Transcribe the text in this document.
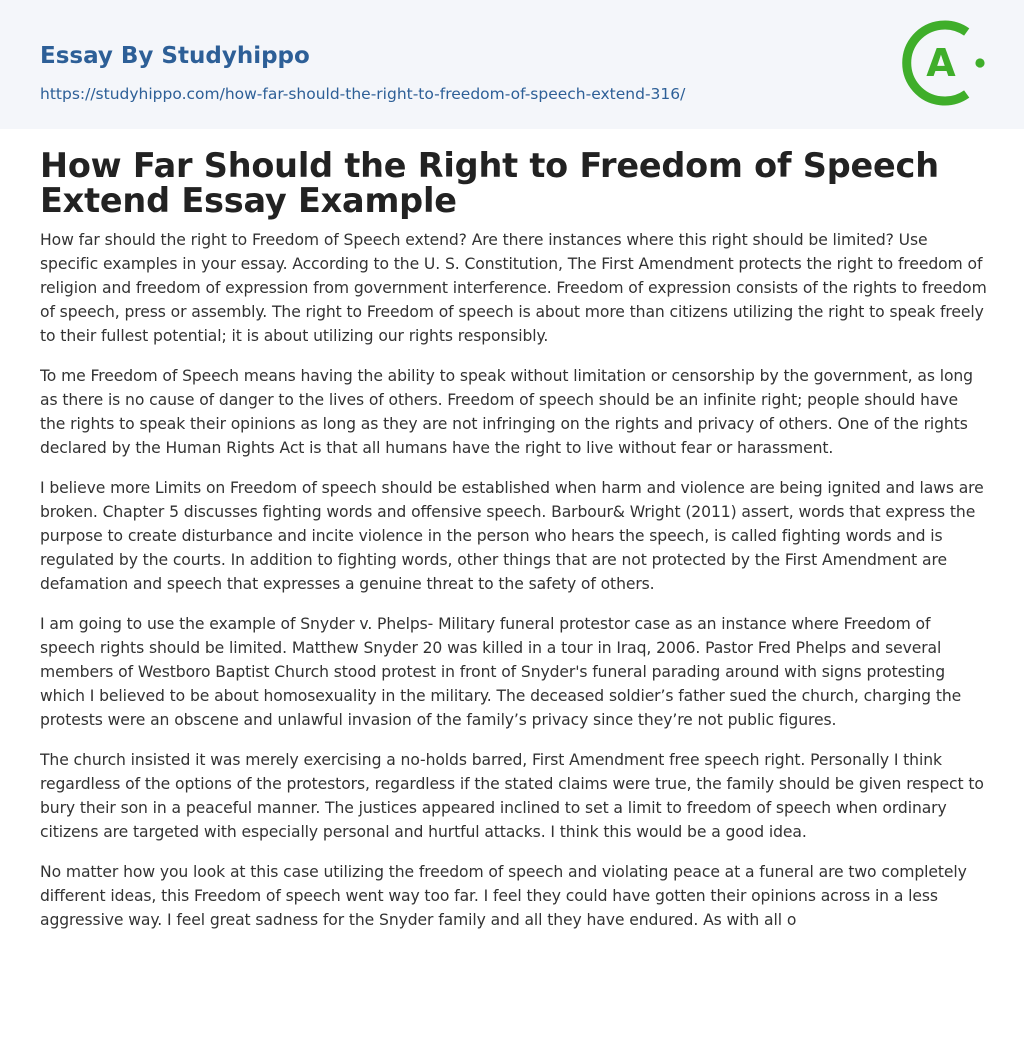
Essay By Studyhippo
https://studyhippo.com/how-far-should-the-right-to-freedom-of-speech-extend-316/
A
How Far Should the Right to Freedom of Speech Extend Essay Example

How far should the right to Freedom of Speech extend? Are there instances where this right should be limited? Use specific examples in your essay. According to the U. S. Constitution, The First Amendment protects the right to freedom of religion and freedom of expression from government interference. Freedom of expression consists of the rights to freedom of speech, press or assembly. The right to Freedom of speech is about more than citizens utilizing the right to speak freely to their fullest potential; it is about utilizing our rights responsibly.

To me Freedom of Speech means having the ability to speak without limitation or censorship by the government, as long as there is no cause of danger to the lives of others. Freedom of speech should be an infinite right; people should have the rights to speak their opinions as long as they are not infringing on the rights and privacy of others. One of the rights declared by the Human Rights Act is that all humans have the right to live without fear or harassment.

I believe more Limits on Freedom of speech should be established when harm and violence are being ignited and laws are broken. Chapter 5 discusses fighting words and offensive speech. Barbour& Wright (2011) assert, words that express the purpose to create disturbance and incite violence in the person who hears the speech, is called fighting words and is regulated by the courts. In addition to fighting words, other things that are not protected by the First Amendment are defamation and speech that expresses a genuine threat to the safety of others.

I am going to use the example of Snyder v. Phelps- Military funeral protestor case as an instance where Freedom of speech rights should be limited. Matthew Snyder 20 was killed in a tour in Iraq, 2006. Pastor Fred Phelps and several members of Westboro Baptist Church stood protest in front of Snyder's funeral parading around with signs protesting which I believed to be about homosexuality in the military. The deceased soldier’s father sued the church, charging the protests were an obscene and unlawful invasion of the family’s privacy since they’re not public figures.

The church insisted it was merely exercising a no-holds barred, First Amendment free speech right. Personally I think regardless of the options of the protestors, regardless if the stated claims were true, the family should be given respect to bury their son in a peaceful manner. The justices appeared inclined to set a limit to freedom of speech when ordinary citizens are targeted with especially personal and hurtful attacks. I think this would be a good idea.

No matter how you look at this case utilizing the freedom of speech and violating peace at a funeral are two completely different ideas, this Freedom of speech went way too far. I feel they could have gotten their opinions across in a less aggressive way. I feel great sadness for the Snyder family and all they have endured. As with all o
